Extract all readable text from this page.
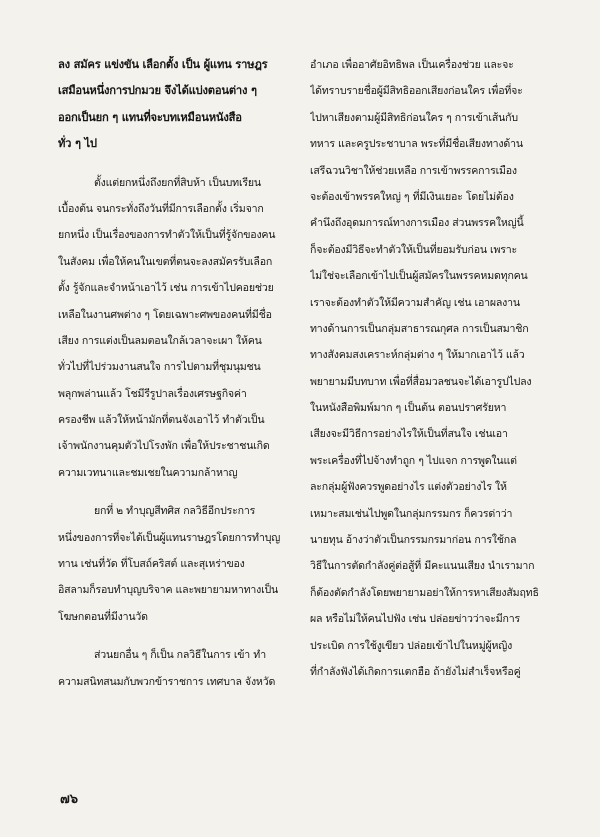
ลง สมัคร แข่งขัน เลือกตั้ง เป็น ผู้แทน ราษฎร
เสมือนหนึ่งการปกมวย จึงได้แบ่งตอนต่าง ๆ
ออกเป็นยก ๆ แทนที่จะบทเหมือนหนังสือ
ทั่ว ๆ ไป
ตั้งแต่ยกหนึ่งถึงยกที่สิบห้า เป็นบทเรียน
เบื้องต้น จนกระทั่งถึงวันที่มีการเลือกตั้ง เริ่มจาก
ยกหนึ่ง เป็นเรื่องของการทำตัวให้เป็นที่รู้จักของคน
ในสังคม เพื่อให้คนในเขตที่ตนจะลงสมัครรับเลือก
ตั้ง รู้จักและจำหน้าเอาไว้ เช่น การเข้าไปคอยช่วย
เหลือในงานศพต่าง ๆ โดยเฉพาะศพของคนที่มีชื่อ
เสียง การแต่งเป็นลมตอนใกล้เวลาจะเผา ให้คน
ทั่วไปที่ไปร่วมงานสนใจ การไปตามที่ชุมนุมชน
พลุกพล่านแล้ว โชมีรีรูปาลเรื่องเศรษฐกิจค่า
ครองชีพ แล้วให้หน้ามักที่ตนจังเอาไว้ ทำตัวเป็น
เจ้าพนักงานคุมตัวไปโรงพัก เพื่อให้ประชาชนเกิด
ความเวทนาและชมเชยในความกล้าหาญ
ยกที่ ๒ ทำบุญสีทศิส กลวิธีอีกประการ
หนึ่งของการที่จะได้เป็นผู้แทนราษฎรโดยการทำบุญ
ทาน เช่นที่วัด ที่โบสถ์คริสต์ และสุเหร่าของ
อิสลามก็รอบทำบุญบริจาค และพยายามหาทางเป็น
โฆษกตอนที่มีงานวัด
ส่วนยกอื่น ๆ ก็เป็น กลวิธีในการ เข้า ทำ
ความสนิทสนมกับพวกข้าราชการ เทศบาล จังหวัด
อำเภอ เพื่ออาศัยอิทธิพล เป็นเครื่องช่วย และจะ
ได้ทราบรายชื่อผู้มีสิทธิออกเสียงก่อนใคร เพื่อที่จะ
ไปหาเสียงตามผู้มีสิทธิก่อนใคร ๆ การเข้าเส้นกับ
ทหาร และครูประชาบาล พระที่มีชื่อเสียงทางด้าน
เสรีฉวนวิชาให้ช่วยเหลือ การเข้าพรรคการเมือง
จะต้องเข้าพรรคใหญ่ ๆ ที่มีเงินเยอะ โดยไม่ต้อง
คำนึงถึงอุดมการณ์ทางการเมือง ส่วนพรรคใหญ่นี้
ก็จะต้องมีวิธีจะทำตัวให้เป็นที่ยอมรับก่อน เพราะ
ไม่ใช่จะเลือกเข้าไปเป็นผู้สมัครในพรรคหมดทุกคน
เราจะต้องทำตัวให้มีความสำคัญ เช่น เอาผลงาน
ทางด้านการเป็นกลุ่มสาธารณกุศล การเป็นสมาชิก
ทางสังคมสงเคราะห์กลุ่มต่าง ๆ ให้มากเอาไว้ แล้ว
พยายามมีบทบาท เพื่อที่สื่อมวลชนจะได้เอารูปไปลง
ในหนังสือพิมพ์มาก ๆ เป็นต้น ตอนปราศรัยหา
เสียงจะมีวิธีการอย่างไรให้เป็นที่สนใจ เช่นเอา
พระเครื่องที่ไปจ้างทำถูก ๆ ไปแจก การพูดในแต่
ละกลุ่มผู้ฟังควรพูดอย่างไร แต่งตัวอย่างไร ให้
เหมาะสมเช่นไปพูดในกลุ่มกรรมกร ก็ควรด่าว่า
นายทุน อ้างว่าตัวเป็นกรรมกรมาก่อน การใช้กล
วิธีในการตัดกำลังคู่ต่อสู้ที่ มีคะแนนเสียง นำเรามาก
ก็ต้องตัดกำลังโดยพยายามอย่าให้การหาเสียงสัมฤทธิ
ผล หรือไม่ให้คนไปฟัง เช่น ปล่อยข่าวว่าจะมีการ
ประเบิด การใช้งูเขียว ปล่อยเข้าไปในหมู่ผู้หญิง
ที่กำลังฟังได้เกิดการแตกฮือ ถ้ายังไม่สำเร็จหรือคู่
๗๖
